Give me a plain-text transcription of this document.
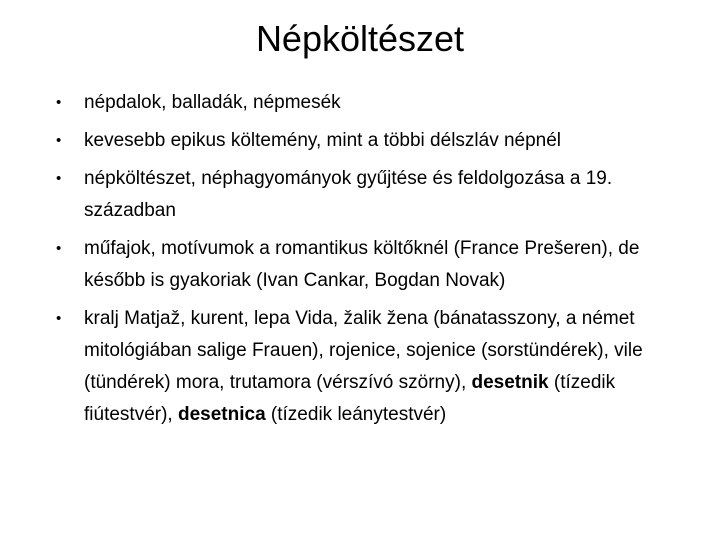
Népköltészet
•	népdalok, balladák, népmesék
•	kevesebb epikus költemény, mint a többi délszláv népnél
•	népköltészet, néphagyományok gyűjtése és feldolgozása a 19. században
•	műfajok, motívumok a romantikus költőknél (France Prešeren), de később is gyakoriak (Ivan Cankar, Bogdan Novak)
•	kralj Matjaž, kurent, lepa Vida, žalik žena (bánatasszony, a német mitológiában salige Frauen), rojenice, sojenice (sorstündérek), vile (tündérek) mora, trutamora (vérszívó szörny), desetnik (tízedik fiútestvér), desetnica (tízedik leánytestvér)
